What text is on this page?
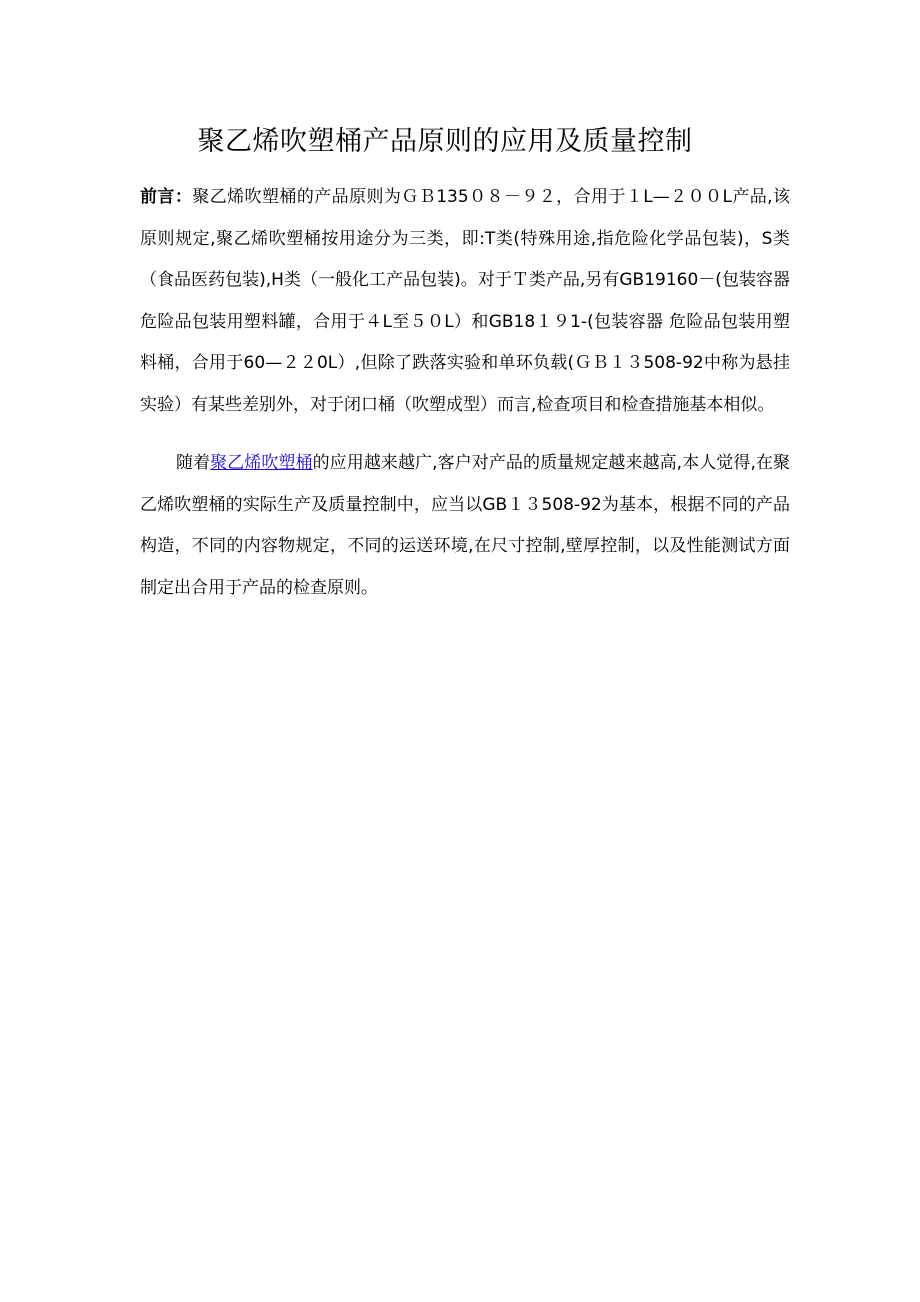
聚乙烯吹塑桶产品原则的应用及质量控制

前言：聚乙烯吹塑桶的产品原则为ＧＢ135０８－９２，合用于１L—２００L产品,该原则规定,聚乙烯吹塑桶按用途分为三类，即:T类(特殊用途,指危险化学品包装)，S类（食品医药包装),H类（一般化工产品包装)。对于Ｔ类产品,另有GB19160－(包装容器 危险品包装用塑料罐，合用于４L至５０L）和GB18１９1-(包装容器 危险品包装用塑料桶，合用于60—２２0L）,但除了跌落实验和单环负载(ＧＢ１３508-92中称为悬挂实验）有某些差别外，对于闭口桶（吹塑成型）而言,检查项目和检查措施基本相似。

随着聚乙烯吹塑桶的应用越来越广,客户对产品的质量规定越来越高,本人觉得,在聚乙烯吹塑桶的实际生产及质量控制中，应当以GB１３508-92为基本，根据不同的产品构造，不同的内容物规定，不同的运送环境,在尺寸控制,壁厚控制，以及性能测试方面制定出合用于产品的检查原则。
